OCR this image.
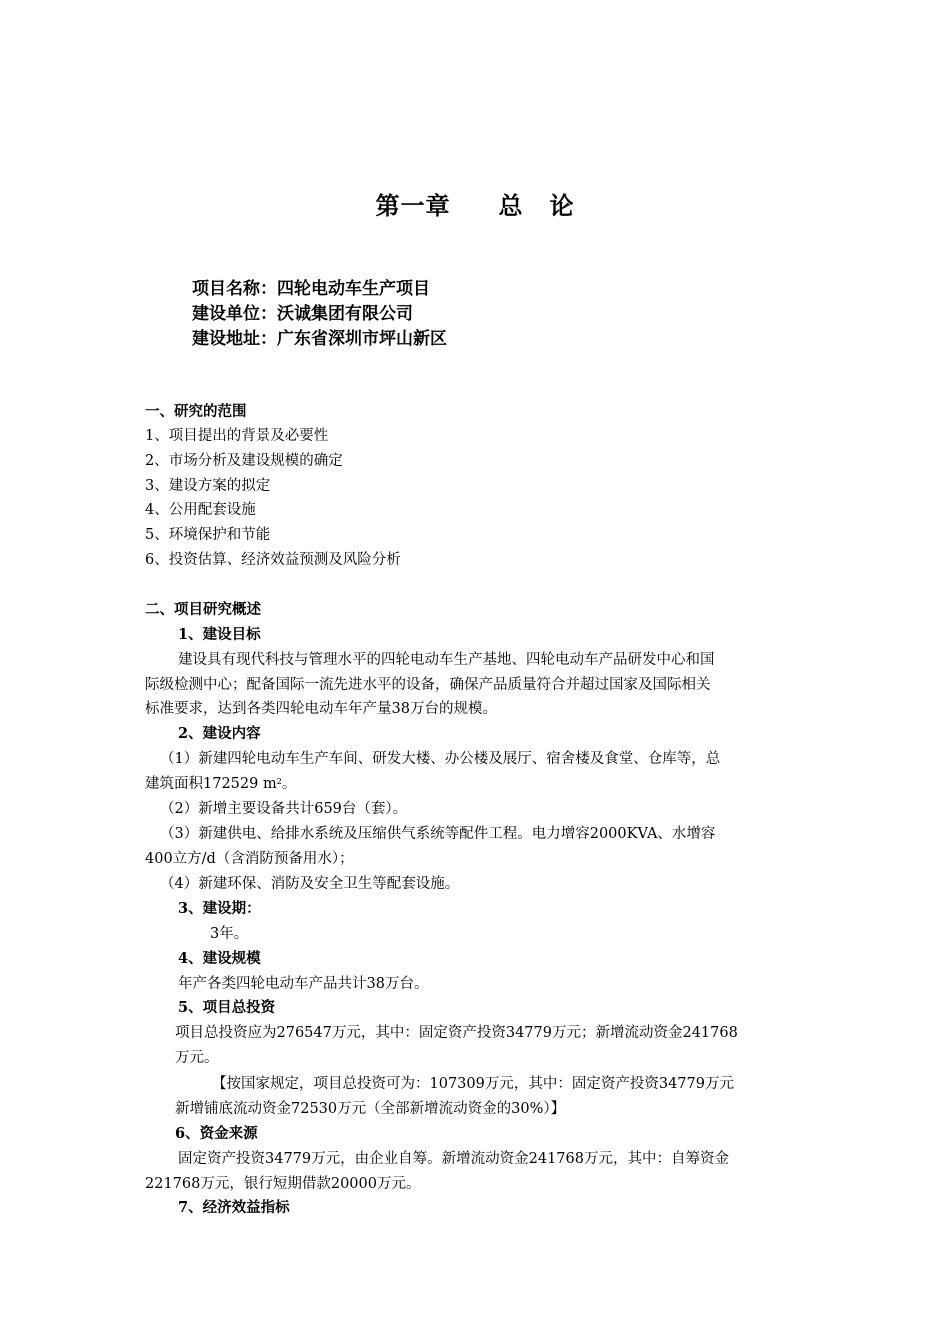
第一章 总 论
项目名称：四轮电动车生产项目
建设单位：沃诚集团有限公司
建设地址：广东省深圳市坪山新区
一、研究的范围
1、项目提出的背景及必要性
2、市场分析及建设规模的确定
3、建设方案的拟定
4、公用配套设施
5、环境保护和节能
6、投资估算、经济效益预测及风险分析
二、项目研究概述
1、建设目标
建设具有现代科技与管理水平的四轮电动车生产基地、四轮电动车产品研发中心和国
际级检测中心；配备国际一流先进水平的设备，确保产品质量符合并超过国家及国际相关
标准要求，达到各类四轮电动车年产量38万台的规模。
2、建设内容
（1）新建四轮电动车生产车间、研发大楼、办公楼及展厅、宿舍楼及食堂、仓库等，总
建筑面积172529 $m^2$。
（2）新增主要设备共计659台（套）。
（3）新建供电、给排水系统及压缩供气系统等配件工程。电力增容2000KVA、水增容
400立方/d（含消防预备用水）；
（4）新建环保、消防及安全卫生等配套设施。
3、建设期：
3年。
4、建设规模
年产各类四轮电动车产品共计38万台。
5、项目总投资
项目总投资应为276547万元，其中：固定资产投资34779万元；新增流动资金241768
万元。
【按国家规定，项目总投资可为：107309万元，其中：固定资产投资34779万元
新增铺底流动资金72530万元（全部新增流动资金的30%）】
6、资金来源
固定资产投资34779万元，由企业自筹。新增流动资金241768万元，其中：自筹资金
221768万元，银行短期借款20000万元。
7、经济效益指标
